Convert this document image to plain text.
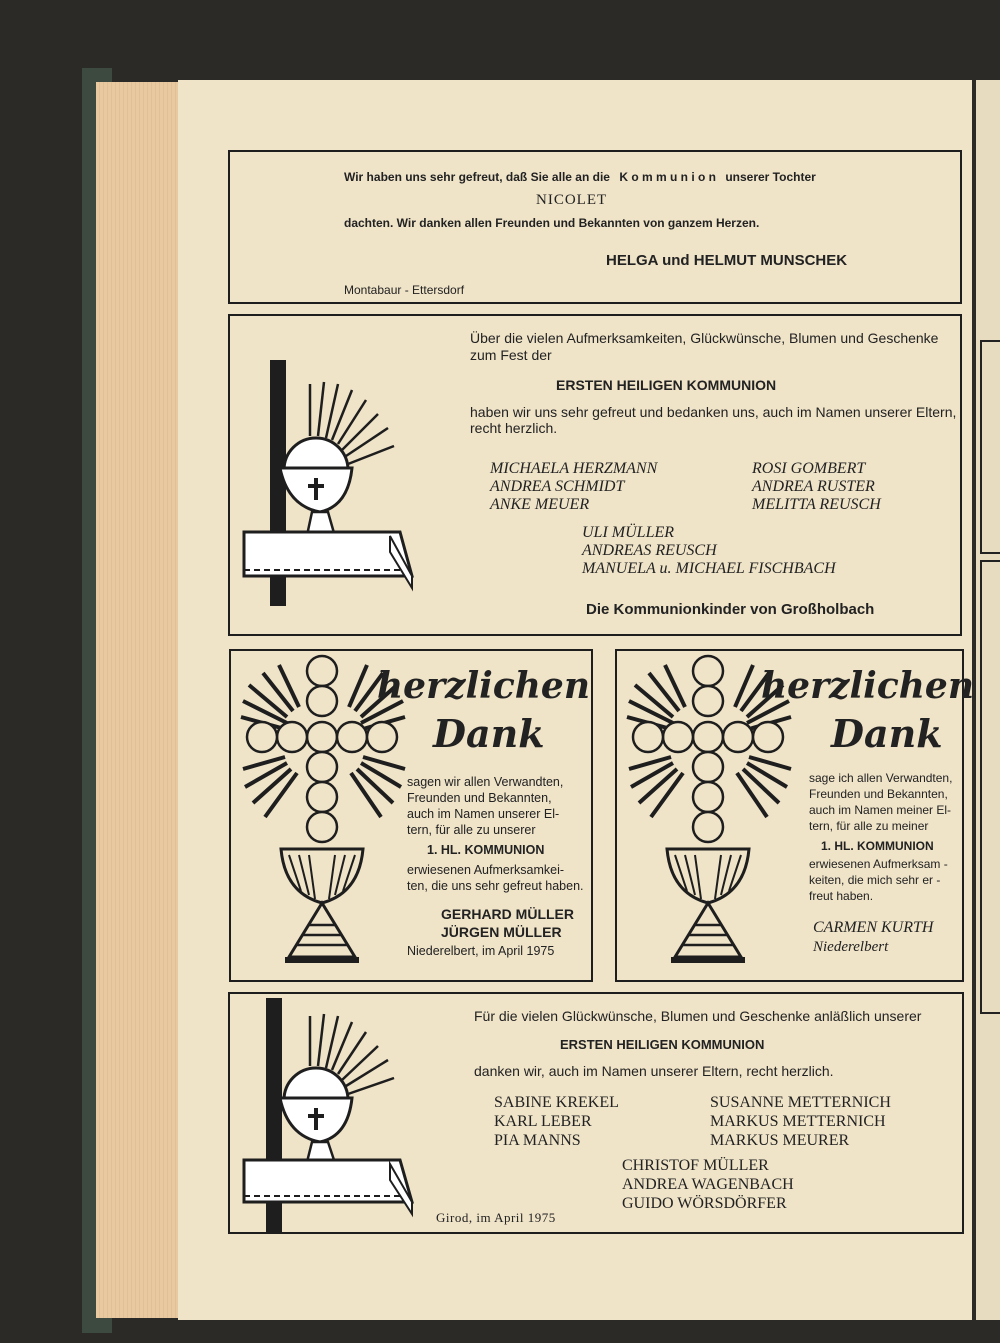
Wir haben uns sehr gefreut, daß Sie alle an die K o m m u n i o n unserer Tochter
NICOLET
dachten. Wir danken allen Freunden und Bekannten von ganzem Herzen.
HELGA und HELMUT MUNSCHEK
Montabaur - Ettersdorf
Über die vielen Aufmerksamkeiten, Glückwünsche, Blumen und Geschenke
zum Fest der
ERSTEN HEILIGEN KOMMUNION
haben wir uns sehr gefreut und bedanken uns, auch im Namen unserer Eltern,
recht herzlich.
MICHAELA HERZMANN
ANDREA SCHMIDT
ANKE MEUER
ROSI GOMBERT
ANDREA RUSTER
MELITTA REUSCH
ULI MÜLLER
ANDREAS REUSCH
MANUELA u. MICHAEL FISCHBACH
Die Kommunionkinder von Großholbach
herzlichen
Dank
sagen wir allen Verwandten,
Freunden und Bekannten,
auch im Namen unserer El-
tern, für alle zu unserer
1. HL. KOMMUNION
erwiesenen Aufmerksamkei-
ten, die uns sehr gefreut haben.
GERHARD MÜLLER
JÜRGEN MÜLLER
Niederelbert, im April 1975
herzlichen
Dank
sage ich allen Verwandten,
Freunden und Bekannten,
auch im Namen meiner El-
tern, für alle zu meiner
1. HL. KOMMUNION
erwiesenen Aufmerksam -
keiten, die mich sehr er -
freut haben.
CARMEN KURTH
Niederelbert
Für die vielen Glückwünsche, Blumen und Geschenke anläßlich unserer
ERSTEN HEILIGEN KOMMUNION
danken wir, auch im Namen unserer Eltern, recht herzlich.
SABINE KREKEL
KARL LEBER
PIA MANNS
SUSANNE METTERNICH
MARKUS METTERNICH
MARKUS MEURER
CHRISTOF MÜLLER
ANDREA WAGENBACH
GUIDO WÖRSDÖRFER
Girod, im April 1975
